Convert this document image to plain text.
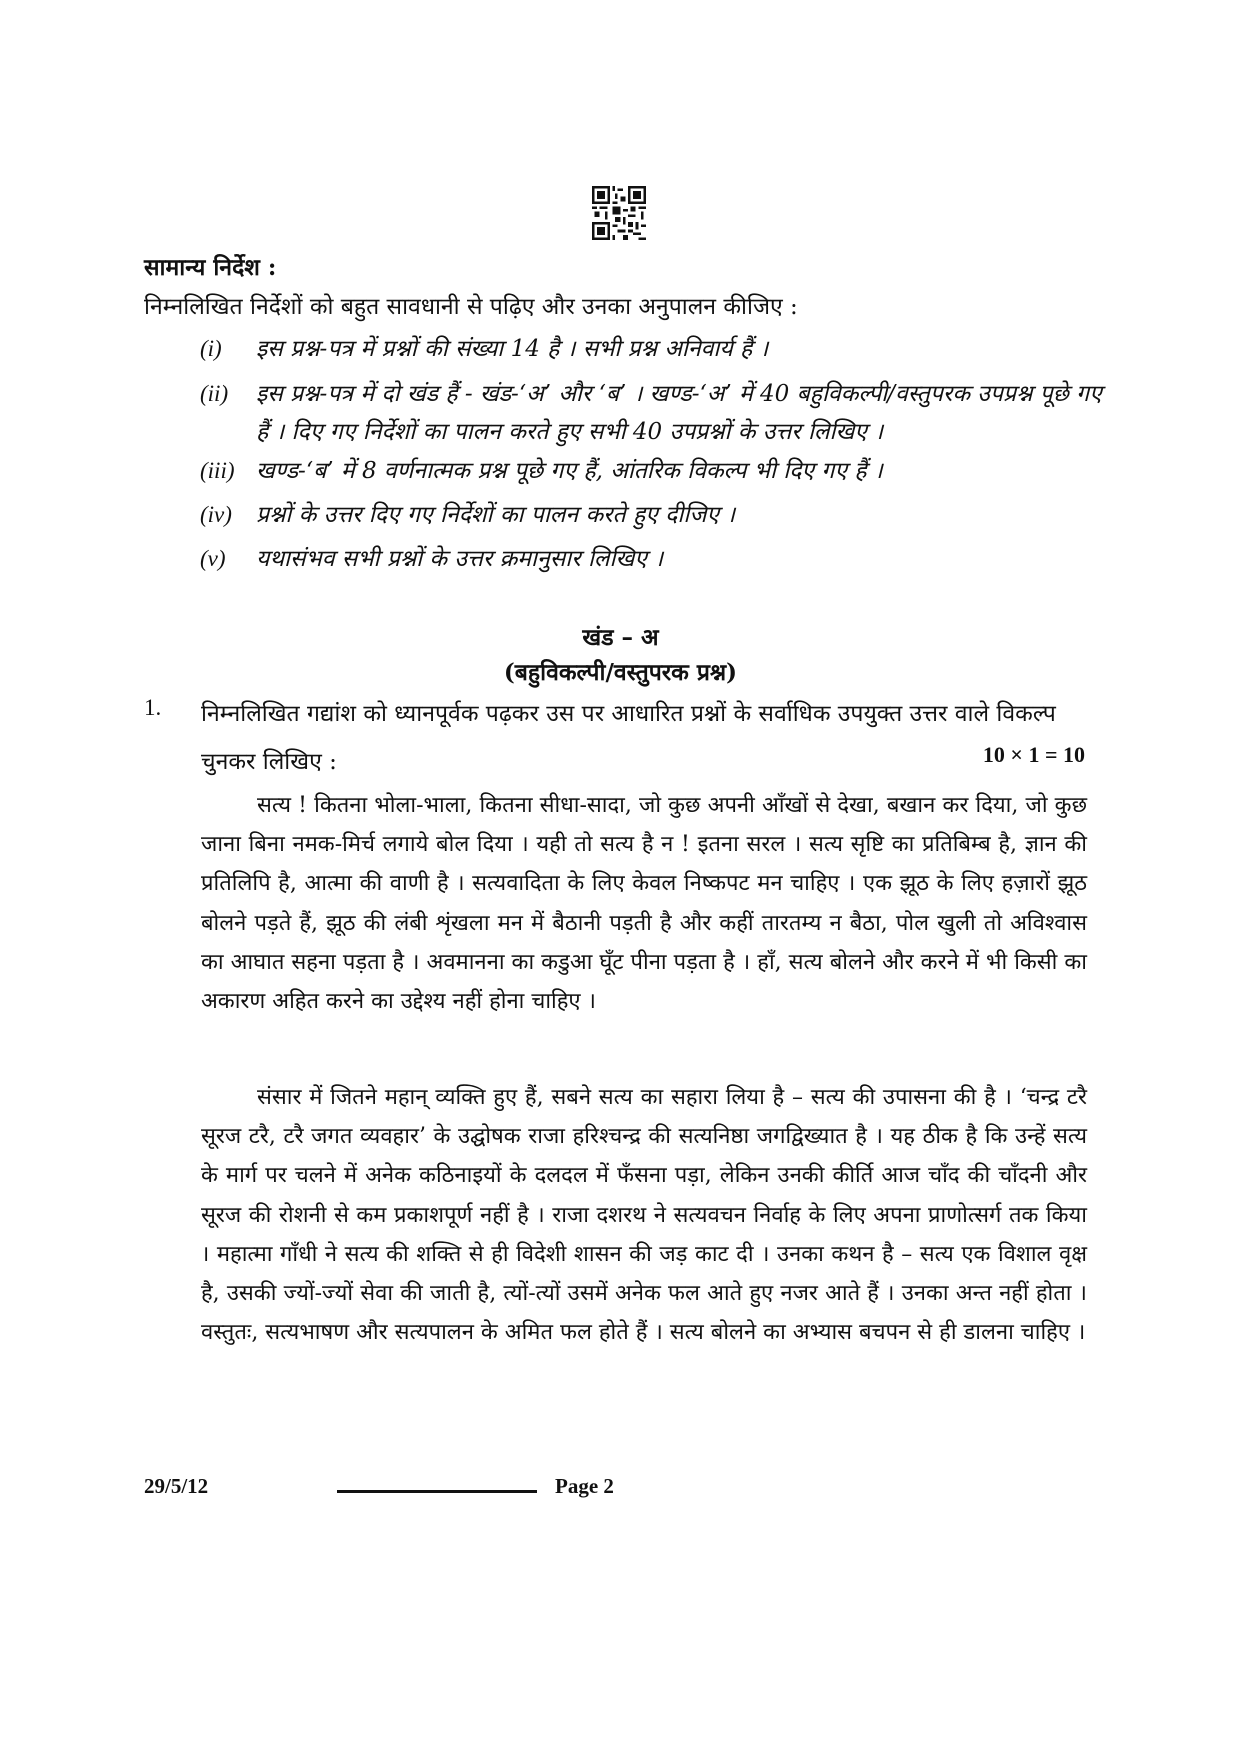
सामान्य निर्देश :
निम्नलिखित निर्देशों को बहुत सावधानी से पढ़िए और उनका अनुपालन कीजिए :
(i)	इस प्रश्न-पत्र में प्रश्नों की संख्या 14 है । सभी प्रश्न अनिवार्य हैं ।
(ii)	इस प्रश्न-पत्र में दो खंड हैं - खंड-‘अ’ और ‘ब’ । खण्ड-‘अ’ में 40 बहुविकल्पी/वस्तुपरक उपप्रश्न पूछे गए हैं । दिए गए निर्देशों का पालन करते हुए सभी 40 उपप्रश्नों के उत्तर लिखिए ।
(iii) खण्ड-‘ब’ में 8 वर्णनात्मक प्रश्न पूछे गए हैं, आंतरिक विकल्प भी दिए गए हैं ।
(iv)	प्रश्नों के उत्तर दिए गए निर्देशों का पालन करते हुए दीजिए ।
(v)	यथासंभव सभी प्रश्नों के उत्तर क्रमानुसार लिखिए ।
खंड – अ
(बहुविकल्पी/वस्तुपरक प्रश्न)
1. निम्नलिखित गद्यांश को ध्यानपूर्वक पढ़कर उस पर आधारित प्रश्नों के सर्वाधिक उपयुक्त उत्तर वाले विकल्प चुनकर लिखिए :	10 × 1 = 10
सत्य ! कितना भोला-भाला, कितना सीधा-सादा, जो कुछ अपनी आँखों से देखा, बखान कर दिया, जो कुछ जाना बिना नमक-मिर्च लगाये बोल दिया । यही तो सत्य है न ! इतना सरल । सत्य सृष्टि का प्रतिबिम्ब है, ज्ञान की प्रतिलिपि है, आत्मा की वाणी है । सत्यवादिता के लिए केवल निष्कपट मन चाहिए । एक झूठ के लिए हज़ारों झूठ बोलने पड़ते हैं, झूठ की लंबी शृंखला मन में बैठानी पड़ती है और कहीं तारतम्य न बैठा, पोल खुली तो अविश्वास का आघात सहना पड़ता है । अवमानना का कडुआ घूँट पीना पड़ता है । हाँ, सत्य बोलने और करने में भी किसी का अकारण अहित करने का उद्देश्य नहीं होना चाहिए ।
संसार में जितने महान् व्यक्ति हुए हैं, सबने सत्य का सहारा लिया है – सत्य की उपासना की है । ‘चन्द्र टरै सूरज टरै, टरै जगत व्यवहार’ के उद्घोषक राजा हरिश्चन्द्र की सत्यनिष्ठा जगद्विख्यात है । यह ठीक है कि उन्हें सत्य के मार्ग पर चलने में अनेक कठिनाइयों के दलदल में फँसना पड़ा, लेकिन उनकी कीर्ति आज चाँद की चाँदनी और सूरज की रोशनी से कम प्रकाशपूर्ण नहीं है । राजा दशरथ ने सत्यवचन निर्वाह के लिए अपना प्राणोत्सर्ग तक किया । महात्मा गाँधी ने सत्य की शक्ति से ही विदेशी शासन की जड़ काट दी । उनका कथन है – सत्य एक विशाल वृक्ष है, उसकी ज्यों-ज्यों सेवा की जाती है, त्यों-त्यों उसमें अनेक फल आते हुए नजर आते हैं । उनका अन्त नहीं होता । वस्तुतः, सत्यभाषण और सत्यपालन के अमित फल होते हैं । सत्य बोलने का अभ्यास बचपन से ही डालना चाहिए ।
29/5/12	Page 2
